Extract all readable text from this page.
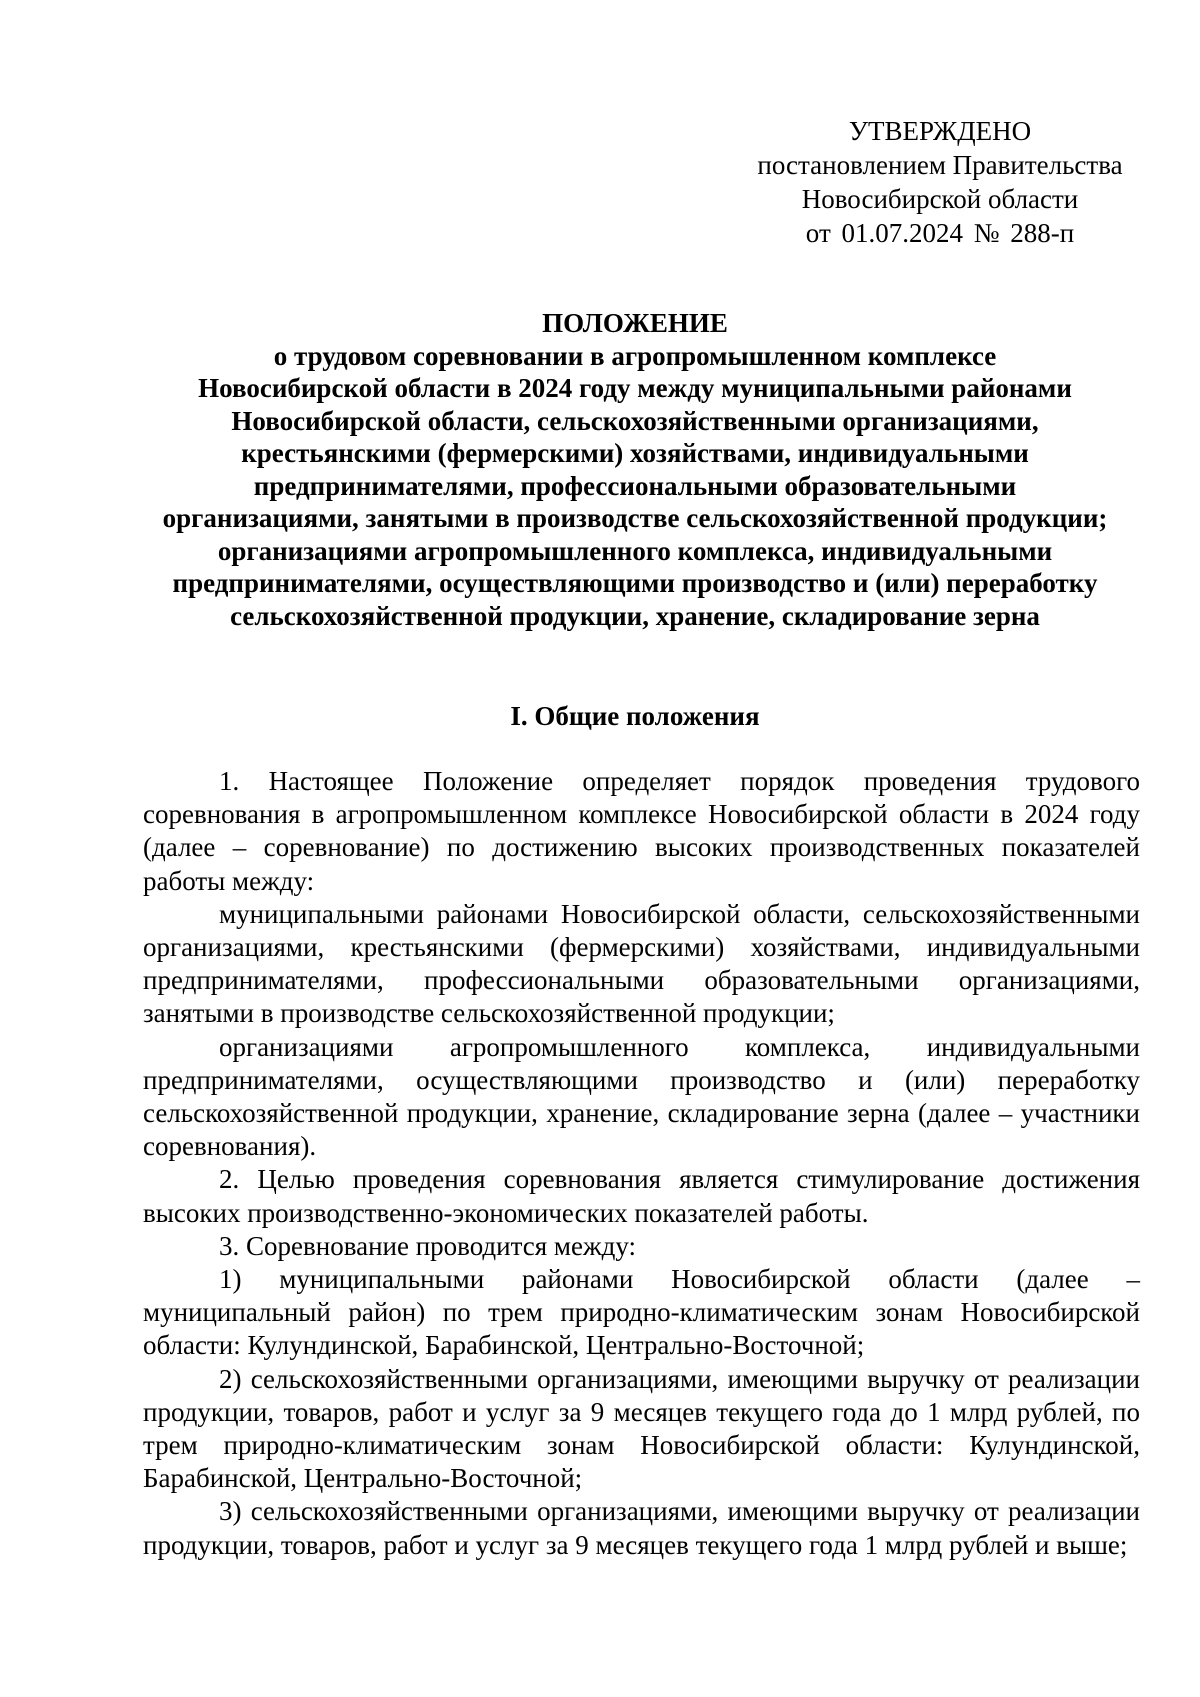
УТВЕРЖДЕНО
постановлением Правительства
Новосибирской области
от 01.07.2024 № 288-п
ПОЛОЖЕНИЕ
о трудовом соревновании в агропромышленном комплексе
Новосибирской области в 2024 году между муниципальными районами
Новосибирской области, сельскохозяйственными организациями,
крестьянскими (фермерскими) хозяйствами, индивидуальными
предпринимателями, профессиональными образовательными
организациями, занятыми в производстве сельскохозяйственной продукции;
организациями агропромышленного комплекса, индивидуальными
предпринимателями, осуществляющими производство и (или) переработку
сельскохозяйственной продукции, хранение, складирование зерна
I. Общие положения

1. Настоящее Положение определяет порядок проведения трудового соревнования в агропромышленном комплексе Новосибирской области в 2024 году (далее – соревнование) по достижению высоких производственных показателей работы между:

муниципальными районами Новосибирской области, сельскохозяйственными организациями, крестьянскими (фермерскими) хозяйствами, индивидуальными предпринимателями, профессиональными образовательными организациями, занятыми в производстве сельскохозяйственной продукции;

организациями агропромышленного комплекса, индивидуальными предпринимателями, осуществляющими производство и (или) переработку сельскохозяйственной продукции, хранение, складирование зерна (далее – участники соревнования).

2. Целью проведения соревнования является стимулирование достижения высоких производственно-экономических показателей работы.

3. Соревнование проводится между:

1) муниципальными районами Новосибирской области (далее – муниципальный район) по трем природно-климатическим зонам Новосибирской области: Кулундинской, Барабинской, Центрально-Восточной;

2) сельскохозяйственными организациями, имеющими выручку от реализации продукции, товаров, работ и услуг за 9 месяцев текущего года до 1 млрд рублей, по трем природно-климатическим зонам Новосибирской области: Кулундинской, Барабинской, Центрально-Восточной;

3) сельскохозяйственными организациями, имеющими выручку от реализации продукции, товаров, работ и услуг за 9 месяцев текущего года 1 млрд рублей и выше;
